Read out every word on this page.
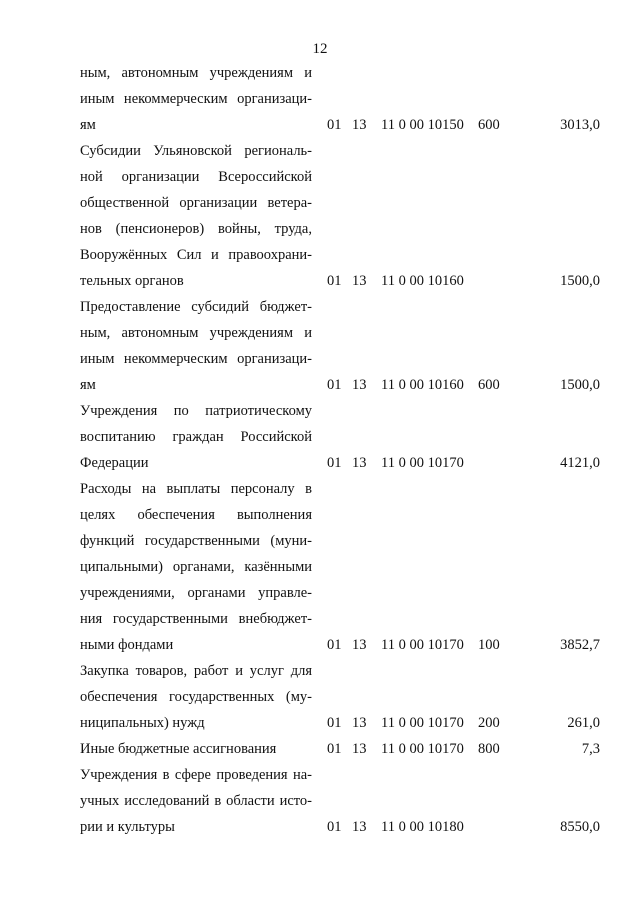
12
ным, автономным учреждениям и
иным некоммерческим организаци-
ям	01 13 11 0 00 10150 600	3013,0
Субсидии Ульяновской региональ-
ной организации Всероссийской
общественной организации ветера-
нов (пенсионеров) войны, труда,
Вооружённых Сил и правоохрани-
тельных органов	01 13 11 0 00 10160	1500,0
Предоставление субсидий бюджет-
ным, автономным учреждениям и
иным некоммерческим организаци-
ям	01 13 11 0 00 10160 600	1500,0
Учреждения по патриотическому
воспитанию граждан Российской
Федерации	01 13 11 0 00 10170	4121,0
Расходы на выплаты персоналу в
целях обеспечения выполнения
функций государственными (муни-
ципальными) органами, казёнными
учреждениями, органами управле-
ния государственными внебюджет-
ными фондами	01 13 11 0 00 10170 100	3852,7
Закупка товаров, работ и услуг для
обеспечения государственных (му-
ниципальных) нужд	01 13 11 0 00 10170 200	261,0
Иные бюджетные ассигнования	01 13 11 0 00 10170 800	7,3
Учреждения в сфере проведения на-
учных исследований в области исто-
рии и культуры	01 13 11 0 00 10180	8550,0
